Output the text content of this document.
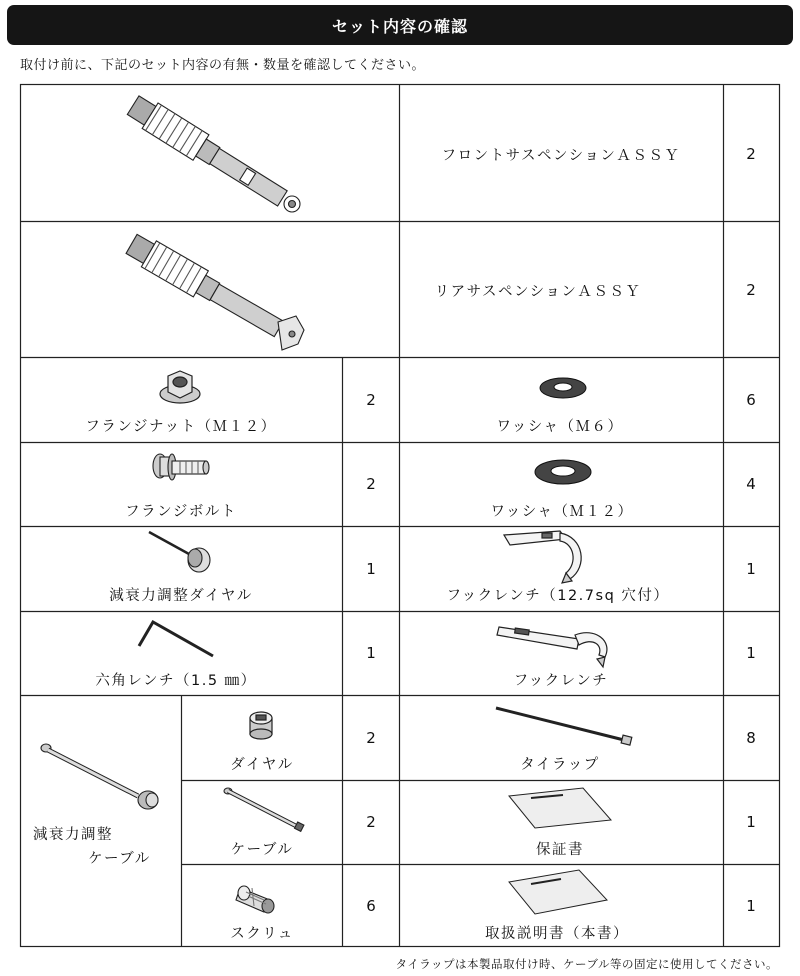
セット内容の確認
取付け前に、下記のセット内容の有無・数量を確認してください。
フロントサスペンションＡＳＳＹ	2
リアサスペンションＡＳＳＹ	2
フランジナット（Ｍ１２）
2
ワッシャ（Ｍ６）
6
フランジボルト
2
ワッシャ（Ｍ１２）
4
減衰力調整ダイヤル
1
フックレンチ（12.7sq 穴付）
1
六角レンチ（1.5 ㎜）
1
フックレンチ
1
減衰力調整
ケーブル
ダイヤル
2
タイラップ
8
ケーブル
2
保証書
1
スクリュ
6
取扱説明書（本書）
1
タイラップは本製品取付け時、ケーブル等の固定に使用してください。
